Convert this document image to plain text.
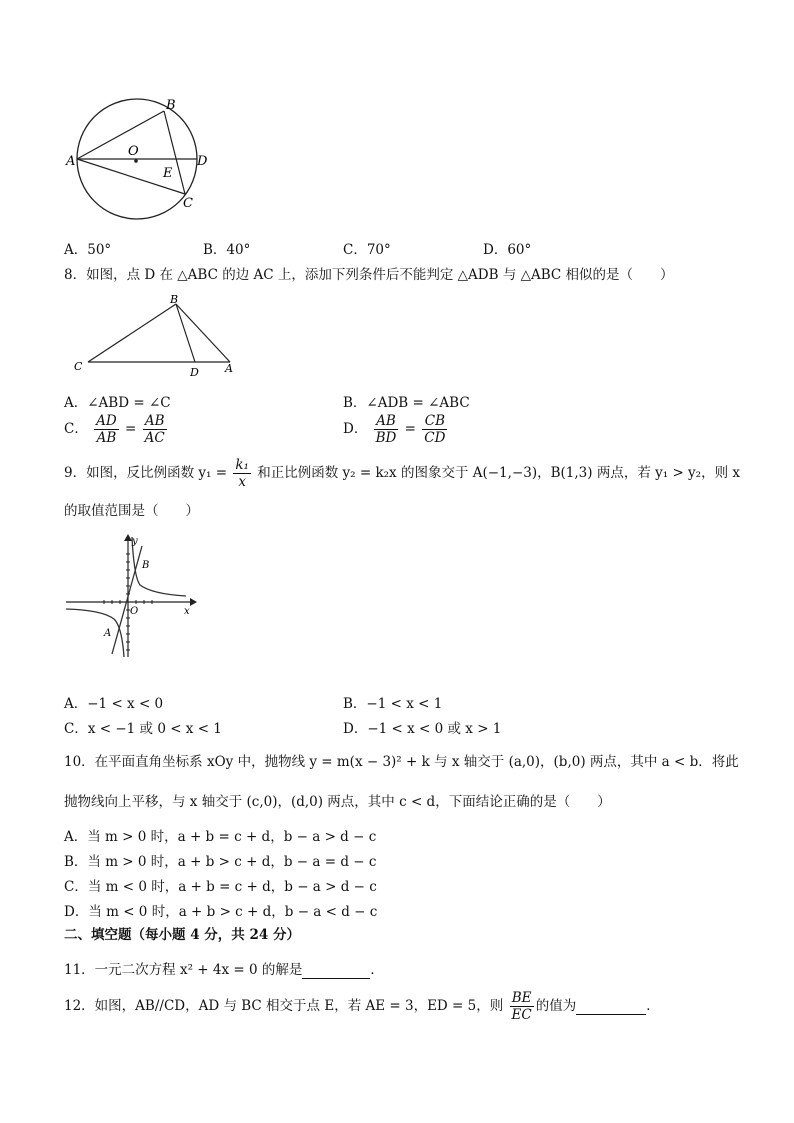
A
B
O
D
E
C
A．50°	B．40°	C．70°	D．60°
8．如图，点 D 在 △ABC 的边 AC 上，添加下列条件后不能判定 △ADB 与 △ABC 相似的是（　　）
B
C	D A
A．∠ABD = ∠C	B．∠ADB = ∠ABC
C． $\frac{AD}{AB} = \frac{AB}{AC}$	D． $\frac{AB}{BD} = \frac{CB}{CD}$
9．如图，反比例函数 $y_1 = \frac{\text{k₁}}{x}$ 和正比例函数 y₂ = k₂x 的图象交于 A(−1,−3)，B(1,3) 两点，若 y₁ > y₂，则 x
的取值范围是（　　）
y
x
O
B
A
A．−1 < x < 0	B．−1 < x < 1
C．x < −1 或 0 < x < 1	D．−1 < x < 0 或 x > 1
10．在平面直角坐标系 xOy 中，抛物线 y = m(x − 3)² + k 与 x 轴交于 (a,0)，(b,0) 两点，其中 a < b．将此
抛物线向上平移，与 x 轴交于 (c,0)，(d,0) 两点，其中 c < d，下面结论正确的是（　　）
A．当 m > 0 时，a + b = c + d，b − a > d − c
B．当 m > 0 时，a + b > c + d，b − a = d − c
C．当 m < 0 时，a + b = c + d，b − a > d − c
D．当 m < 0 时，a + b > c + d，b − a < d − c
二、填空题（每小题 4 分，共 24 分）
11．一元二次方程 x² + 4x = 0 的解是	．
12．如图，AB//CD，AD 与 BC 相交于点 E，若 AE = 3，ED = 5，则 $\frac{BE}{EC}$ 的值为	．
